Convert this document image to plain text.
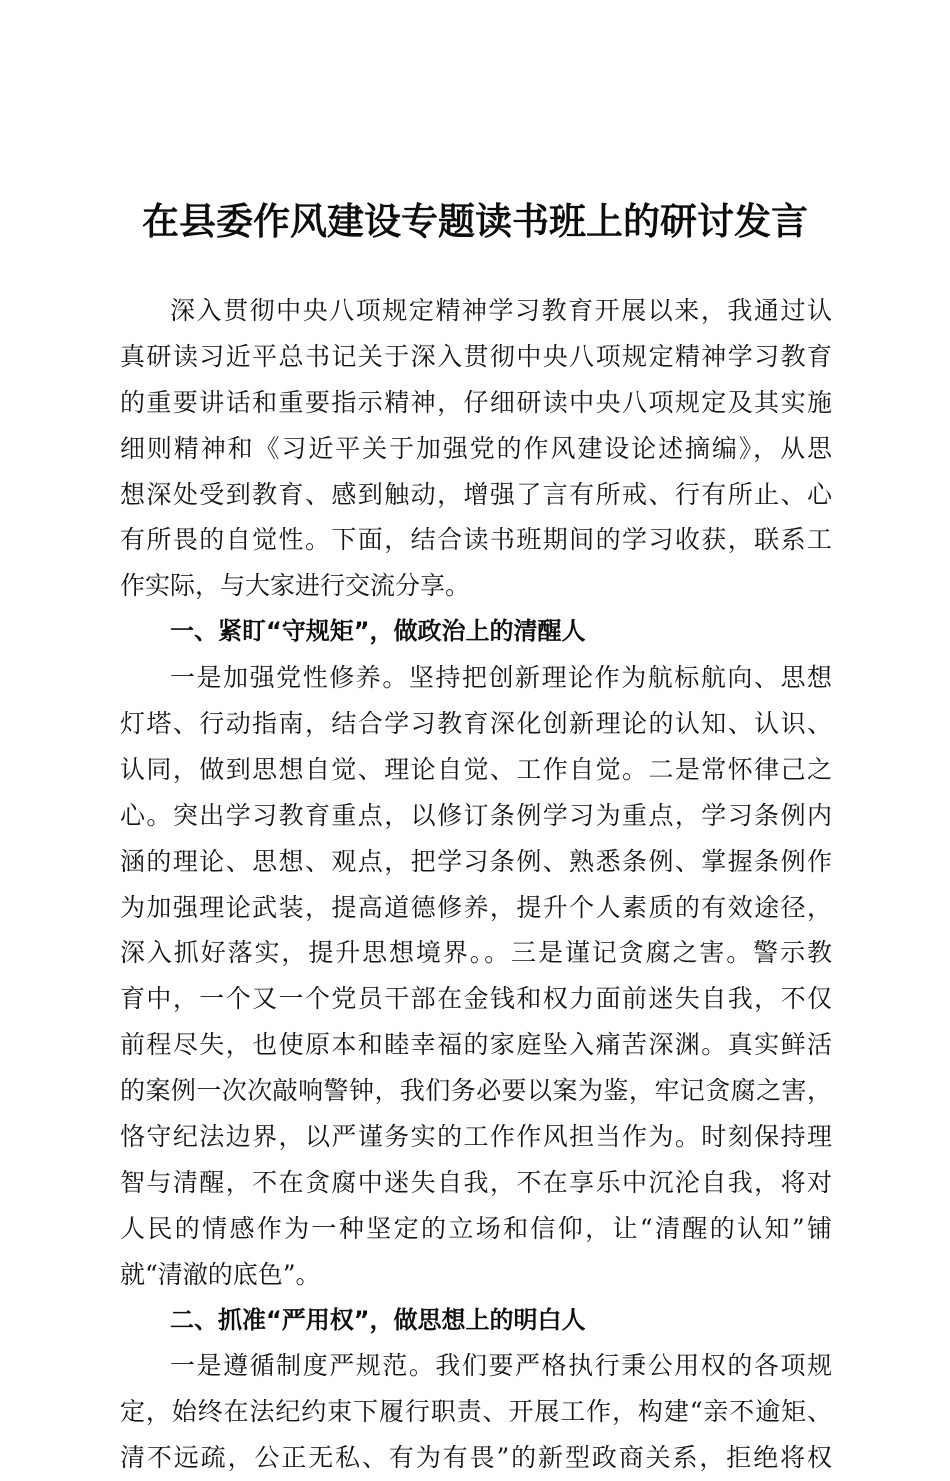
在县委作风建设专题读书班上的研讨发言
深入贯彻中央八项规定精神学习教育开展以来，我通过认
真研读习近平总书记关于深入贯彻中央八项规定精神学习教育
的重要讲话和重要指示精神，仔细研读中央八项规定及其实施
细则精神和《习近平关于加强党的作风建设论述摘编》，从思
想深处受到教育、感到触动，增强了言有所戒、行有所止、心
有所畏的自觉性。下面，结合读书班期间的学习收获，联系工
作实际，与大家进行交流分享。
一、紧盯“守规矩”，做政治上的清醒人
一是加强党性修养。坚持把创新理论作为航标航向、思想
灯塔、行动指南，结合学习教育深化创新理论的认知、认识、
认同，做到思想自觉、理论自觉、工作自觉。二是常怀律己之
心。突出学习教育重点，以修订条例学习为重点，学习条例内
涵的理论、思想、观点，把学习条例、熟悉条例、掌握条例作
为加强理论武装，提高道德修养，提升个人素质的有效途径，
深入抓好落实，提升思想境界。。三是谨记贪腐之害。警示教
育中，一个又一个党员干部在金钱和权力面前迷失自我，不仅
前程尽失，也使原本和睦幸福的家庭坠入痛苦深渊。真实鲜活
的案例一次次敲响警钟，我们务必要以案为鉴，牢记贪腐之害，
恪守纪法边界，以严谨务实的工作作风担当作为。时刻保持理
智与清醒，不在贪腐中迷失自我，不在享乐中沉沦自我，将对
人民的情感作为一种坚定的立场和信仰，让“清醒的认知”铺
就“清澈的底色”。
二、抓准“严用权”，做思想上的明白人
一是遵循制度严规范。我们要严格执行秉公用权的各项规
定，始终在法纪约束下履行职责、开展工作，构建“亲不逾矩、
清不远疏，公正无私、有为有畏”的新型政商关系，拒绝将权
